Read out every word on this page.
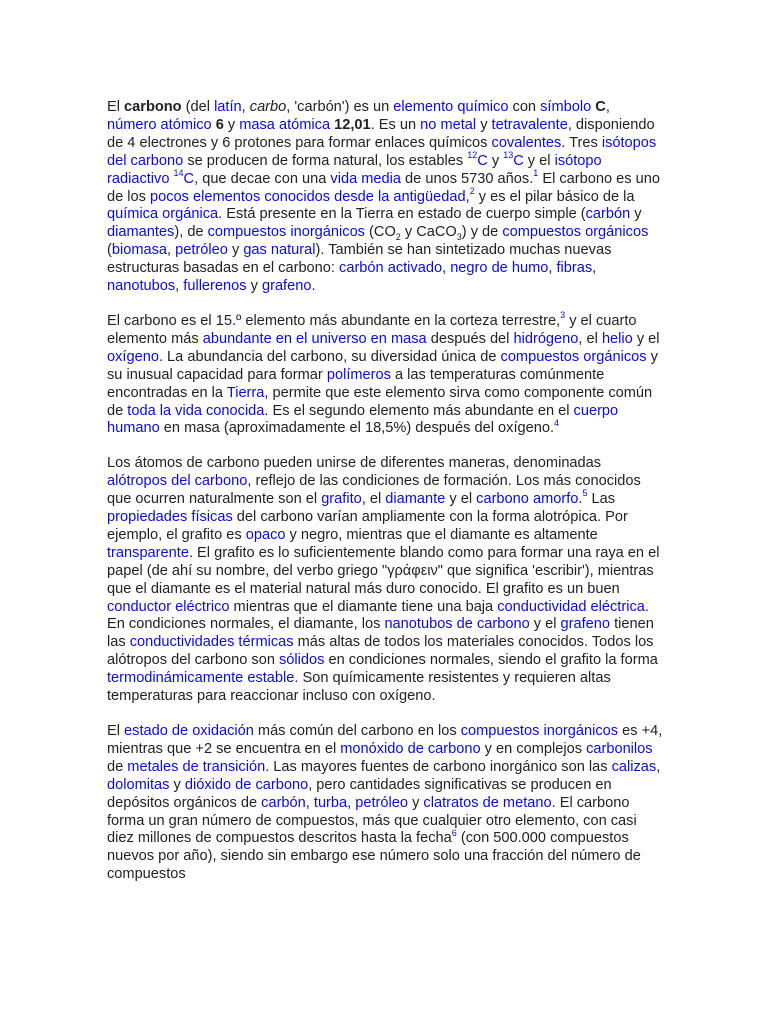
El carbono (del latín, carbo, 'carbón') es un elemento químico con símbolo C, número atómico 6 y masa atómica 12,01. Es un no metal y tetravalente, disponiendo de 4 electrones y 6 protones para formar enlaces químicos covalentes. Tres isótopos del carbono se producen de forma natural, los estables $^{12}$C y $^{13}$C y el isótopo radiactivo $^{14}$C, que decae con una vida media de unos 5730 años.$^1$ El carbono es uno de los pocos elementos conocidos desde la antigüedad,$^2$ y es el pilar básico de la química orgánica. Está presente en la Tierra en estado de cuerpo simple (carbón y diamantes), de compuestos inorgánicos ($CO_2$ y CaCO$_3$) y de compuestos orgánicos (biomasa, petróleo y gas natural). También se han sintetizado muchas nuevas estructuras basadas en el carbono: carbón activado, negro de humo, fibras, nanotubos, fullerenos y grafeno.

El carbono es el 15.º elemento más abundante en la corteza terrestre,$^3$ y el cuarto elemento más abundante en el universo en masa después del hidrógeno, el helio y el oxígeno. La abundancia del carbono, su diversidad única de compuestos orgánicos y su inusual capacidad para formar polímeros a las temperaturas comúnmente encontradas en la Tierra, permite que este elemento sirva como componente común de toda la vida conocida. Es el segundo elemento más abundante en el cuerpo humano en masa (aproximadamente el 18,5%) después del oxígeno.$^4$

Los átomos de carbono pueden unirse de diferentes maneras, denominadas alótropos del carbono, reflejo de las condiciones de formación. Los más conocidos que ocurren naturalmente son el grafito, el diamante y el carbono amorfo.$^5$ Las propiedades físicas del carbono varían ampliamente con la forma alotrópica. Por ejemplo, el grafito es opaco y negro, mientras que el diamante es altamente transparente. El grafito es lo suficientemente blando como para formar una raya en el papel (de ahí su nombre, del verbo griego "γράφειν" que significa 'escribir'), mientras que el diamante es el material natural más duro conocido. El grafito es un buen conductor eléctrico mientras que el diamante tiene una baja conductividad eléctrica. En condiciones normales, el diamante, los nanotubos de carbono y el grafeno tienen las conductividades térmicas más altas de todos los materiales conocidos. Todos los alótropos del carbono son sólidos en condiciones normales, siendo el grafito la forma termodinámicamente estable. Son químicamente resistentes y requieren altas temperaturas para reaccionar incluso con oxígeno.

El estado de oxidación más común del carbono en los compuestos inorgánicos es +4, mientras que +2 se encuentra en el monóxido de carbono y en complejos carbonilos de metales de transición. Las mayores fuentes de carbono inorgánico son las calizas, dolomitas y dióxido de carbono, pero cantidades significativas se producen en depósitos orgánicos de carbón, turba, petróleo y clatratos de metano. El carbono forma un gran número de compuestos, más que cualquier otro elemento, con casi diez millones de compuestos descritos hasta la fecha$^6$ (con 500.000 compuestos nuevos por año), siendo sin embargo ese número solo una fracción del número de compuestos
